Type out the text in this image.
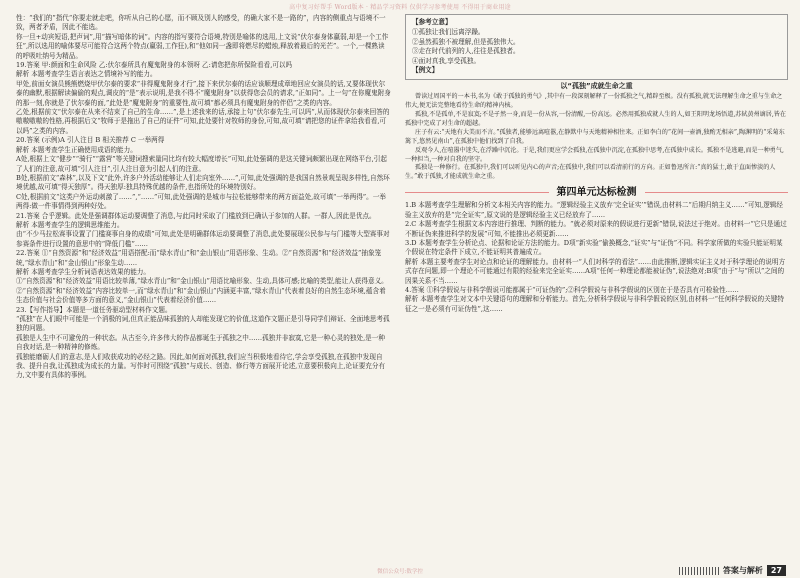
高中复习好帮手 Word版本 · 精品学习资料 仅供学习参考使用 不得用于商业用途

性：“我们的”指代“你要走就走吧，你听从自己的心愿，而不顾及别人的感受，的确大家不是一路的”，内容的侧重点与语境不一致，两者矛盾，因此不能选。

你一旦+动宾短语,把声词”,用“描写暗体的词”。内容的指写要符合语境,特别是喻体的选用,上文说“伏尔泰身体羸弱,却是一个工作狂”,所以选用的喻体要尽可能符合这两个特点(羸弱,工作狂),和“他如同一盏即将燃尽的蜡烛,释放着最后的光芒”。一个,一棵熟读的呼吸吐纳号为精品。

19.答案 甲:颜面和生命风险 乙:伏尔泰所具有魔鬼附身的本领呀 乙:请您把你所保险看看,可以吗

解析 本题考查学生语言表达之情境补写的能力。

甲处,前面女演员熊熊燃烧甲伏尔泰的要求“非得魔鬼附身才行”,接下来伏尔泰的话应该顺理成章地回应女演员的话,又要体现伏尔泰的幽默,根据解读偏偷的观点,调皮的“是”表示说明,是我不得不“魔鬼附身”以获得您会员的请求,“正如同”。上一句“在你魔鬼附身的那一刻,你就是了伏尔泰的面,”此处是“魔鬼附身”的重要性,故可填“都必须具有魔鬼附身的伴侣”之类的内容。

乙处,根据前文“伏尔泰在从来不结束了自己的生命……”,是上述我来的话,承接上句“伏尔泰先生,可以吗”,从而体现伏尔泰来回答的嗷嗷嗷嗷的性格,再根据后文“牧师于是拖出了自己的证件”可知,此处要针对牧师的身份,可知,故可填“请把您的证件拿给我看看,可以吗”之类的内容。

20.答案 (示例)A 引人注目 B 相关推荐 C 一举两得

解析 本题考查学生正确使用成语的能力。

A处,根据上文“健步”“骑行”“露营”等关键词搜索量同比均有较大幅度增长”可知,此处强调的是这关键词颇繁出现在网络平台,引起了人们的注意,故可填“引人注目”,引人注目意为引起人们的注意。

B处,根据前文“森林”,以及下文“此外,许多户外活动能够让人们走向室外……”,可知,此处强调的是我国自然景观呈现多样性,自然环境优越,故可填“得天独厚”。得天独厚:独具特殊优越的条件,也指所处的环境特别好。

C处,根据前文“这类户外运动刺激了……”,“……”可知,此处强调的是城市与拉松能够带来的两方面益处,故可填“一举两得”。一举两得:做一件事情得到两种好处。

21.答案 合乎逻辑。此处是强调群体运动要调整了消息,与此同时采取了门槛放到已确认于参加的人群。一群人,因此是优点。

解析 本题考查学生的逻辑思维能力。

由“不少马拉松赛事设置了门槛赛事自身的成绩”可知,此处是明确群体运动要调整了消息,此处要展现公民参与与门槛等大型赛事对参赛条件进行设置的意思中的“降低门槛”……

22.答案 ①“自然资源”和“经济效益”用语搭配:而“绿水青山”和“金山银山”用语形象、生动。②“自然资源”和“经济效益”抽象笼统,“绿水青山”和“金山银山”形象生动……

解析 本题考查学生分析词语表达效果的能力。

①“自然资源”和“经济效益”用语比较单薄,“绿水青山”和“金山银山”用语比喻形象、生动,具体可感;比喻的类型,能让人获得意义。

②“自然资源”和“经济效益”内容比较单一,而“绿水青山”和“金山银山”内涵更丰富,“绿水青山”代表着良好的自然生态环境,蕴含着生态价值与社会价值等多方面的意义,“金山银山”代表着经济价值……

23.【写作指导】本题是一道任务驱动型材料作文题。

“孤独”在人们眼中可能是一个消极的词,但真正能品味孤独的人却能发现它的价值,这道作文题正是引导同学们辩证、全面地思考孤独的问题。

孤独是人生中不可避免的一种状态。从古至今,许多伟大的作品都诞生于孤独之中……孤独并非寂寞,它是一种心灵的独处,是一种自我对话,是一种精神的修炼。

孤独能磨砺人们的意志,是人们收获成功的必经之路。因此,如何面对孤独,我们应当积极地看待它,学会享受孤独,在孤独中发现自我、提升自我,让孤独成为成长的力量。写作时可围绕“孤独”与成长、创造、修行等方面展开论述,立意要积极向上,论证要充分有力,文中要有具体的事例。

【参考立意】

①孤独让我们远离浮躁。

②虽然孤独不被理解,但是孤独伟大。

③走在时代前列的人,往往是孤独者。

④面对真我,享受孤独。

【例文】
以“孤独”成就生命之重

曾读过周国平的一本书,名为《敢于孤独的勇气》,其中有一段深刻解释了一份孤独之气,精辟至极。没有孤独,就无法理解生命之重与生命之伟大,便无法完整地看待生命的精神内核。

孤独,不是孤单,不是寂寞;不是孑然一身,而是一份从容,一份清醒,一份高远。必然用孤独成就人生的人,如王阳明龙场悟道,苏轼黄州谪居,皆在孤独中完成了对生命的超越。

庄子有云:“天地有大美而不言。”孤独者,能够远离喧嚣,在静默中与天地精神相往来。正如李白的“花间一壶酒,独酌无相亲”,陶渊明的“采菊东篱下,悠然见南山”,在孤独中他们找到了自我。

反观今人,在喧嚣中迷失,在浮躁中沉沦。于是,我们更应学会孤独,在孤独中沉淀,在孤独中思考,在孤独中成长。孤独不是逃避,而是一种勇气,一种担当,一种对自我的坚守。

孤独是一种修行。在孤独中,我们可以听见内心的声音;在孤独中,我们可以看清前行的方向。正如鲁迅所言:“真的猛士,敢于直面惨淡的人生。”敢于孤独,才能成就生命之重。

第四单元达标检测

1.B 本题考查学生理解和分析文本相关内容的能力。“逻辑经验主义放弃‘完全证实’”错误,由材料二“后期归纳主义……”可知,逻辑经验主义放弃的是“完全证实”,原文说的是逻辑经验主义已经放弃了……

2.C 本题考查学生根据文本内容进行推理、判断的能力。“就必须对原来的假说进行更新”错误,说法过于绝对。由材料一“它只是通过不断证伪来推进科学的发展”可知,不能推出必须更新……

3.D 本题考查学生分析论点、论据和论证方法的能力。D项“新实验”偷换概念,“证实”与“证伪”不同。科学家所做的实验只能证明某个假说在特定条件下成立,不能证明其普遍成立。

解析 本题主要考查学生对论点和论证的理解能力。由材料一“人们对科学的看法”……由此推断,逻辑实证主义对于科学理论的说明方式存在问题,即一个理论不可能通过有限的经验来完全证实……A项“任何一种理论都能被证伪”,说法绝对;B项“由于”与“所以”之间的因果关系不当……

4.答案 ①科学假说与非科学假说可能都属于“可证伪的”;②科学假说与非科学假说的区别在于是否具有可检验性……

解析 本题考查学生对文本中关键语句的理解和分析能力。首先,分析科学假说与非科学假说的区别,由材料一“任何科学假说的关键特征之一是必须有可证伪性”,这……

微信公众号:数学控	答案与解析	27
